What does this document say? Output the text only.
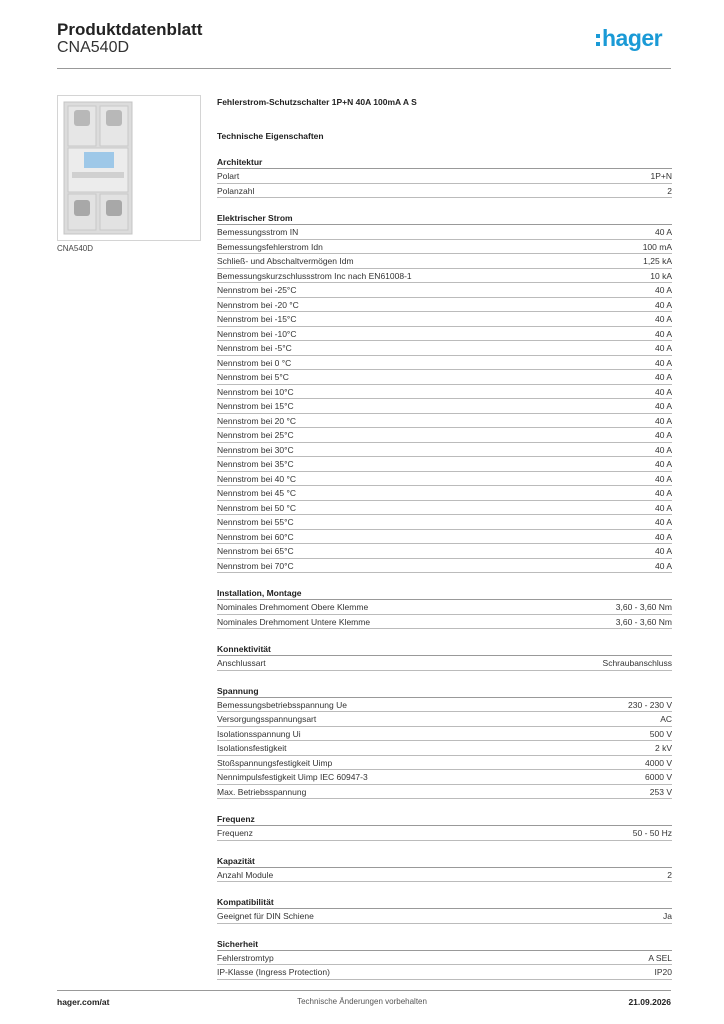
Produktdatenblatt
CNA540D	hager
CNA540D
Fehlerstrom-Schutzschalter 1P+N 40A 100mA A S
Technische Eigenschaften
Architektur
Polart	1P+N
Polanzahl	2
Elektrischer Strom
Bemessungsstrom IN	40 A
Bemessungsfehlerstrom Idn	100 mA
Schließ- und Abschaltvermögen Idm	1,25 kA
Bemessungskurzschlussstrom Inc nach EN61008-1	10 kA
Nennstrom bei -25°C	40 A
Nennstrom bei -20 °C	40 A
Nennstrom bei -15°C	40 A
Nennstrom bei -10°C	40 A
Nennstrom bei -5°C	40 A
Nennstrom bei 0 °C	40 A
Nennstrom bei 5°C	40 A
Nennstrom bei 10°C	40 A
Nennstrom bei 15°C	40 A
Nennstrom bei 20 °C	40 A
Nennstrom bei 25°C	40 A
Nennstrom bei 30°C	40 A
Nennstrom bei 35°C	40 A
Nennstrom bei 40 °C	40 A
Nennstrom bei 45 °C	40 A
Nennstrom bei 50 °C	40 A
Nennstrom bei 55°C	40 A
Nennstrom bei 60°C	40 A
Nennstrom bei 65°C	40 A
Nennstrom bei 70°C	40 A
Installation, Montage
Nominales Drehmoment Obere Klemme	3,60 - 3,60 Nm
Nominales Drehmoment Untere Klemme	3,60 - 3,60 Nm
Konnektivität
Anschlussart	Schraubanschluss
Spannung
Bemessungsbetriebsspannung Ue	230 - 230 V
Versorgungsspannungsart	AC
Isolationsspannung Ui	500 V
Isolationsfestigkeit	2 kV
Stoßspannungsfestigkeit Uimp	4000 V
Nennimpulsfestigkeit Uimp IEC 60947-3	6000 V
Max. Betriebsspannung	253 V
Frequenz
Frequenz	50 - 50 Hz
Kapazität
Anzahl Module	2
Kompatibilität
Geeignet für DIN Schiene	Ja
Sicherheit
Fehlerstromtyp	A SEL
IP-Klasse (Ingress Protection)	IP20
hager.com/at	Technische Änderungen vorbehalten	21.09.2026
